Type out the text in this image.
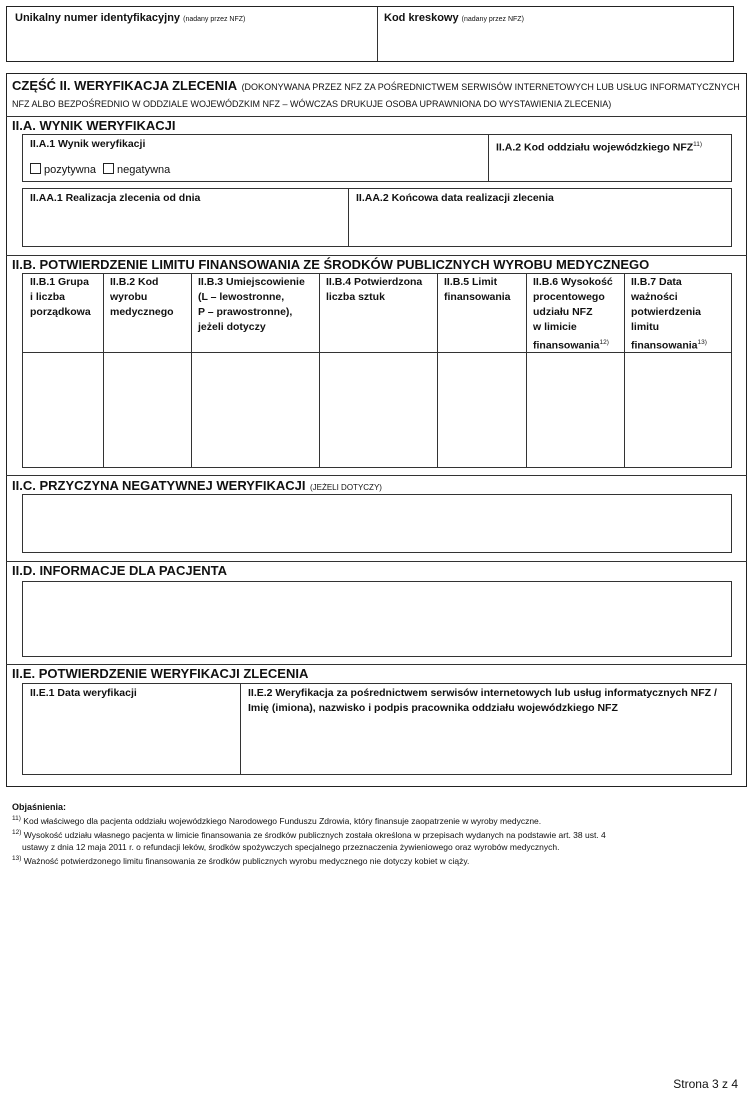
Unikalny numer identyfikacyjny (nadany przez NFZ)	Kod kreskowy (nadany przez NFZ)
CZĘŚĆ II. WERYFIKACJA ZLECENIA (DOKONYWANA PRZEZ NFZ ZA POŚREDNICTWEM SERWISÓW INTERNETOWYCH LUB USŁUG INFORMATYCZNYCH
NFZ ALBO BEZPOŚREDNIO W ODDZIALE WOJEWÓDZKIM NFZ – WÓWCZAS DRUKUJE OSOBA UPRAWNIONA DO WYSTAWIENIA ZLECENIA)
II.A. WYNIK WERYFIKACJI
II.A.1 Wynik weryfikacji
pozytywna negatywna
II.A.2 Kod oddziału wojewódzkiego NFZ$^{11)}$
II.AA.1 Realizacja zlecenia od dnia	II.AA.2 Końcowa data realizacji zlecenia
II.B. POTWIERDZENIE LIMITU FINANSOWANIA ZE ŚRODKÓW PUBLICZNYCH WYROBU MEDYCZNEGO
II.B.1 Grupa
i liczba
porządkowa
II.B.2 Kod
wyrobu
medycznego
II.B.3 Umiejscowienie
(L – lewostronne,
P – prawostronne),
jeżeli dotyczy
II.B.4 Potwierdzona
liczba sztuk
II.B.5 Limit
finansowania
II.B.6 Wysokość
procentowego
udziału NFZ
w limicie
finansowania$^{12)}$
II.B.7 Data
ważności
potwierdzenia
limitu
finansowania$^{13)}$
II.C. PRZYCZYNA NEGATYWNEJ WERYFIKACJI (JEŻELI DOTYCZY)
II.D. INFORMACJE DLA PACJENTA
II.E. POTWIERDZENIE WERYFIKACJI ZLECENIA
II.E.1 Data weryfikacji	II.E.2 Weryfikacja za pośrednictwem serwisów internetowych lub usług informatycznych NFZ /
Imię (imiona), nazwisko i podpis pracownika oddziału wojewódzkiego NFZ
Objaśnienia:
$^{11)}$ Kod właściwego dla pacjenta oddziału wojewódzkiego Narodowego Funduszu Zdrowia, który finansuje zaopatrzenie w wyroby medyczne.
$^{12)}$ Wysokość udziału własnego pacjenta w limicie finansowania ze środków publicznych została określona w przepisach wydanych na podstawie art. 38 ust. 4
ustawy z dnia 12 maja 2011 r. o refundacji leków, środków spożywczych specjalnego przeznaczenia żywieniowego oraz wyrobów medycznych.
$^{13)}$ Ważność potwierdzonego limitu finansowania ze środków publicznych wyrobu medycznego nie dotyczy kobiet w ciąży.
Strona 3 z 4
